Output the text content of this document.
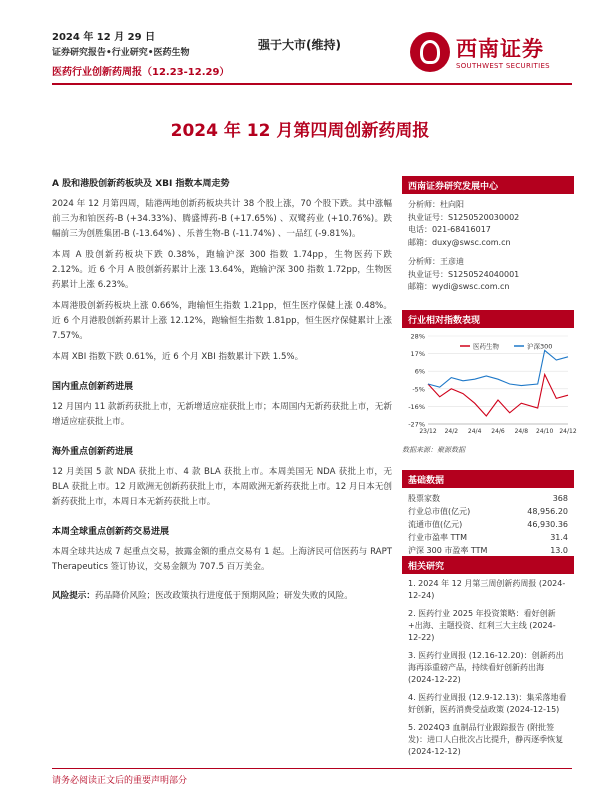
2024 年 12 月 29 日
证券研究报告•行业研究•医药生物
医药行业创新药周报（12.23-12.29）
强于大市(维持)	西南证券
SOUTHWEST SECURITIES
2024 年 12 月第四周创新药周报
A 股和港股创新药板块及 XBI 指数本周走势

2024 年 12 月第四周，陆港两地创新药板块共计 38 个股上涨，70 个股下跌。其中涨幅前三为和铂医药-B (+34.33%)、腾盛博药-B (+17.65%) 、双鹭药业 (+10.76%)。跌幅前三为创胜集团-B (-13.64%) 、乐普生物-B (-11.74%) 、一品红 (-9.81%)。

本周 A 股创新药板块下跌 0.38%，跑输沪深 300 指数 1.74pp，生物医药下跌 2.12%。近 6 个月 A 股创新药累计上涨 13.64%，跑输沪深 300 指数 1.72pp，生物医药累计上涨 6.23%。

本周港股创新药板块上涨 0.66%，跑输恒生指数 1.21pp，恒生医疗保健上涨 0.48%。近 6 个月港股创新药累计上涨 12.12%，跑输恒生指数 1.81pp，恒生医疗保健累计上涨 7.57%。

本周 XBI 指数下跌 0.61%，近 6 个月 XBI 指数累计下跌 1.5%。

国内重点创新药进展

12 月国内 11 款新药获批上市，无新增适应症获批上市；本周国内无新药获批上市，无新增适应症获批上市。

海外重点创新药进展

12 月美国 5 款 NDA 获批上市、4 款 BLA 获批上市。本周美国无 NDA 获批上市，无 BLA 获批上市。12 月欧洲无创新药获批上市，本周欧洲无新药获批上市。12 月日本无创新药获批上市，本周日本无新药获批上市。

本周全球重点创新药交易进展

本周全球共达成 7 起重点交易，披露金额的重点交易有 1 起。上海济民可信医药与 RAPT Therapeutics 签订协议，交易金额为 707.5 百万美金。

风险提示：药品降价风险；医改政策执行进度低于预期风险；研发失败的风险。

西南证券研究发展中心
分析师：杜向阳
执业证号：S1250520030002
电话：021-68416017
邮箱：duxy@swsc.com.cn
分析师：王彦迪
执业证号：S1250524040001
邮箱：wydi@swsc.com.cn
行业相对指数表现
28%
17%
6%
-5%
-16%
-27%
23/12 24/2 24/4 24/6 24/8 24/10 24/12
医药生物	沪深300
数据来源：聚源数据
基础数据
股票家数	368
行业总市值(亿元)	48,956.20
流通市值(亿元)	46,930.36
行业市盈率 TTM	31.4
沪深 300 市盈率 TTM	13.0
相关研究
1. 2024 年 12 月第三周创新药周报 (2024-12-24)
2. 医药行业 2025 年投资策略：看好创新+出海、主题投资、红利三大主线 (2024-12-22)
3. 医药行业周报 (12.16-12.20)：创新药出海再添重磅产品，持续看好创新药出海 (2024-12-22)
4. 医药行业周报 (12.9-12.13)：集采落地看好创新，医药消费受益政策 (2024-12-15)
5. 2024Q3 血制品行业跟踪报告 (附批签发)：进口人白批次占比提升，静丙逐季恢复 (2024-12-12)
请务必阅读正文后的重要声明部分
